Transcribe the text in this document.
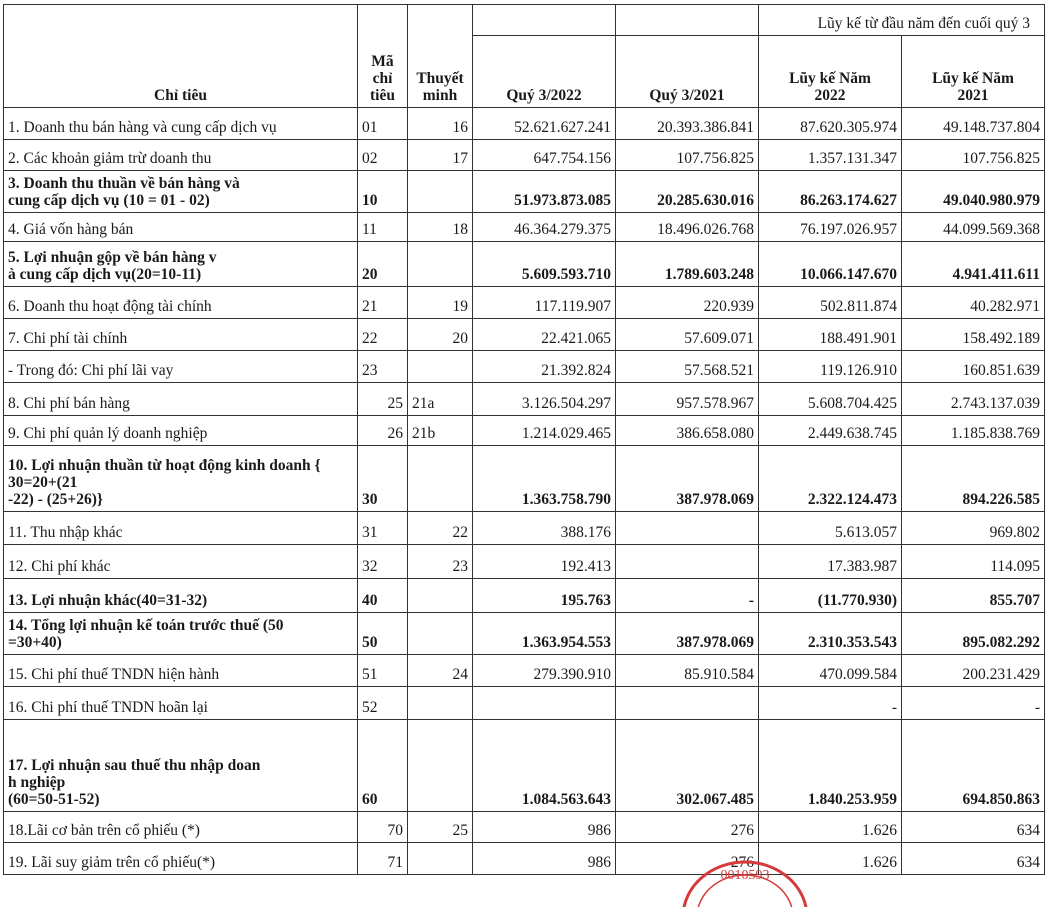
Chỉ tiêu	Mã chỉ tiêu	Thuyết minh			Lũy kế từ đầu năm đến cuối quý 3	
			Quý 3/2022	Quý 3/2021	Lũy kế Năm 2022	Lũy kế Năm 2021
1. Doanh thu bán hàng và cung cấp dịch vụ	01	16	52.621.627.241	20.393.386.841	87.620.305.974	49.148.737.804
2. Các khoản giảm trừ doanh thu	02	17	647.754.156	107.756.825	1.357.131.347	107.756.825
3. Doanh thu thuần về bán hàng và
cung cấp dịch vụ (10 = 01 - 02)	10		51.973.873.085	20.285.630.016	86.263.174.627	49.040.980.979
4. Giá vốn hàng bán	11	18	46.364.279.375	18.496.026.768	76.197.026.957	44.099.569.368
5. Lợi nhuận gộp về bán hàng v
à cung cấp dịch vụ(20=10-11)	20		5.609.593.710	1.789.603.248	10.066.147.670	4.941.411.611
6. Doanh thu hoạt động tài chính	21	19	117.119.907	220.939	502.811.874	40.282.971
7. Chi phí tài chính	22	20	22.421.065	57.609.071	188.491.901	158.492.189
- Trong đó: Chi phí lãi vay	23		21.392.824	57.568.521	119.126.910	160.851.639
8. Chi phí bán hàng	25	21a	3.126.504.297	957.578.967	5.608.704.425	2.743.137.039
9. Chi phí quản lý doanh nghiệp	26	21b	1.214.029.465	386.658.080	2.449.638.745	1.185.838.769
10. Lợi nhuận thuần từ hoạt động kinh doanh {
30=20+(21
-22) - (25+26)}	30		1.363.758.790	387.978.069	2.322.124.473	894.226.585
11. Thu nhập khác	31	22	388.176		5.613.057	969.802
12. Chi phí khác	32	23	192.413		17.383.987	114.095
13. Lợi nhuận khác(40=31-32)	40		195.763	-	(11.770.930)	855.707
14. Tổng lợi nhuận kế toán trước thuế (50
=30+40)	50		1.363.954.553	387.978.069	2.310.353.543	895.082.292
15. Chi phí thuế TNDN hiện hành	51	24	279.390.910	85.910.584	470.099.584	200.231.429
16. Chi phí thuế TNDN hoãn lại	52				-	-
17. Lợi nhuận sau thuế thu nhập doan
h nghiệp
(60=50-51-52)	60		1.084.563.643	302.067.485	1.840.253.959	694.850.863
18.Lãi cơ bản trên cổ phiếu (*)	70	25	986	276	1.626	634
19. Lãi suy giảm trên cổ phiếu(*)	71		986	276	1.626	634
0010593
